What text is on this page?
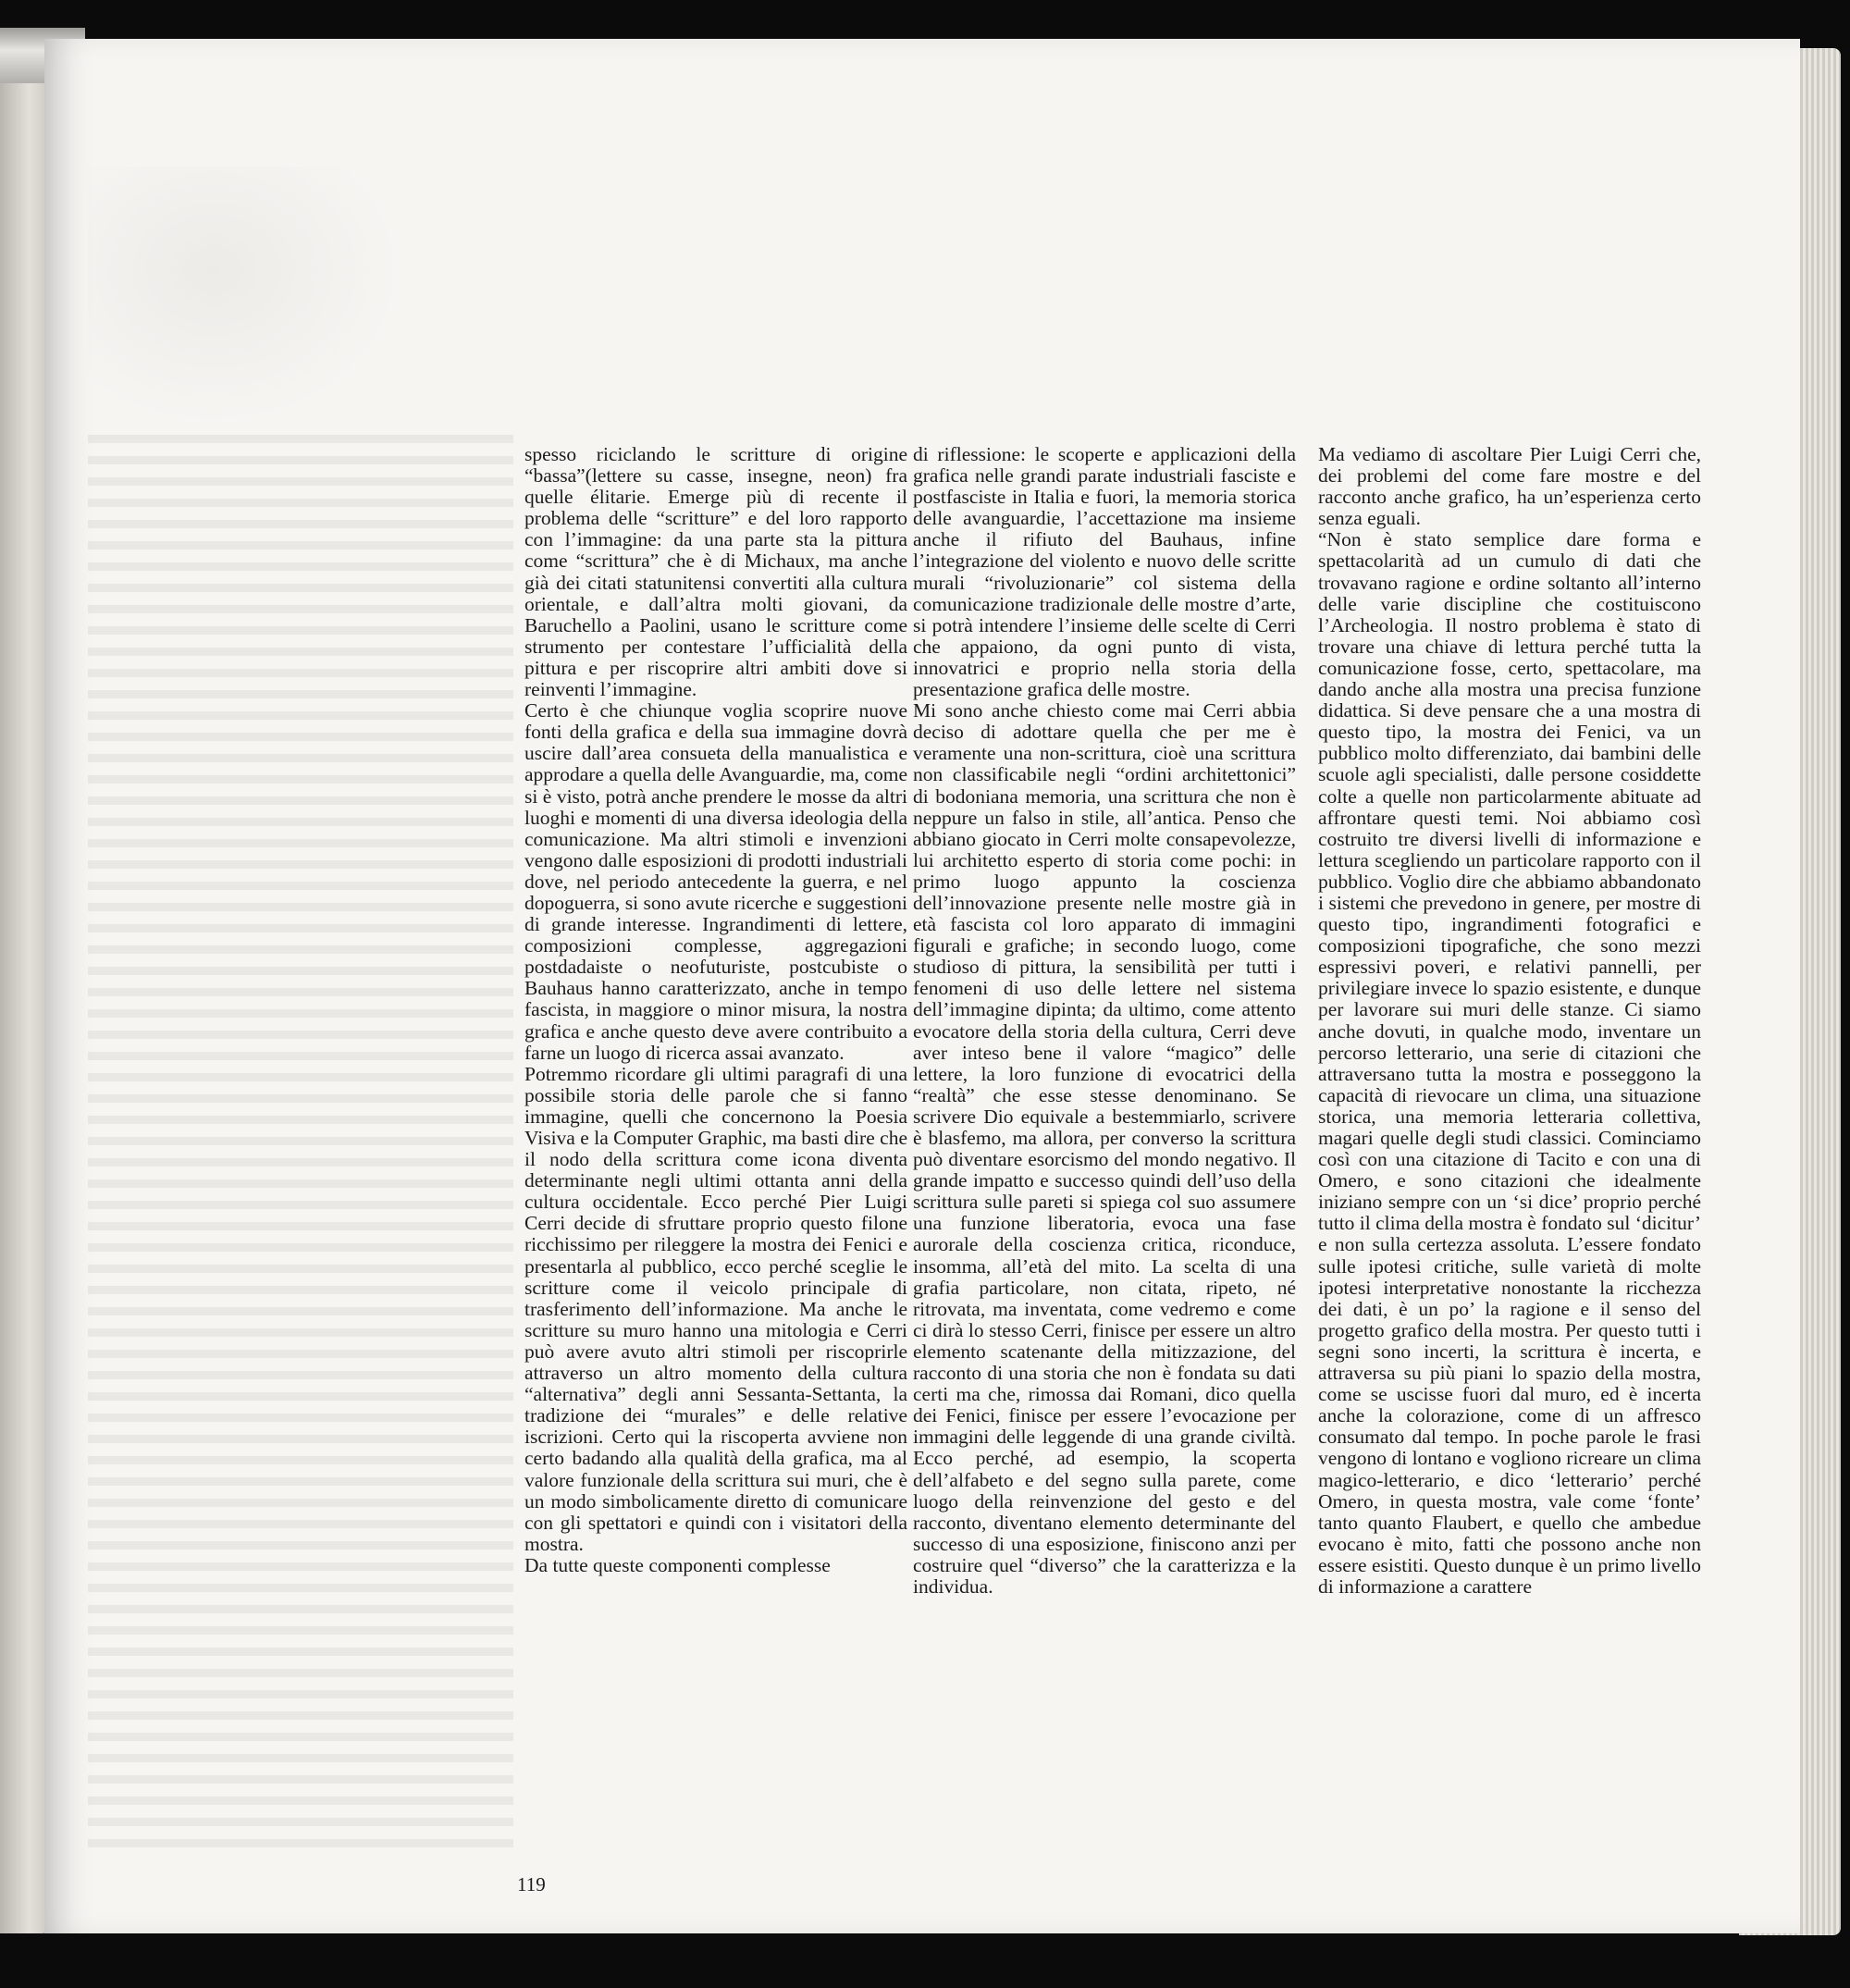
spesso riciclando le scritture di origine “bassa”(lettere su casse, insegne, neon) fra quelle élitarie. Emerge più di recente il problema delle “scritture” e del loro rapporto con l’immagine: da una parte sta la pittura come “scrittura” che è di Michaux, ma anche già dei citati statunitensi convertiti alla cultura orientale, e dall’altra molti giovani, da Baruchello a Paolini, usano le scritture come strumento per contestare l’ufficialità della pittura e per riscoprire altri ambiti dove si reinventi l’immagine.

Certo è che chiunque voglia scoprire nuove fonti della grafica e della sua immagine dovrà uscire dall’area consueta della manualistica e approdare a quella delle Avanguardie, ma, come si è visto, potrà anche prendere le mosse da altri luoghi e momenti di una diversa ideologia della comunicazione. Ma altri stimoli e invenzioni vengono dalle esposizioni di prodotti industriali dove, nel periodo antecedente la guerra, e nel dopoguerra, si sono avute ricerche e suggestioni di grande interesse. Ingrandimenti di lettere, composizioni complesse, aggregazioni postdadaiste o neofuturiste, postcubiste o Bauhaus hanno caratterizzato, anche in tempo fascista, in maggiore o minor misura, la nostra grafica e anche questo deve avere contribuito a farne un luogo di ricerca assai avanzato.

Potremmo ricordare gli ultimi paragrafi di una possibile storia delle parole che si fanno immagine, quelli che concernono la Poesia Visiva e la Computer Graphic, ma basti dire che il nodo della scrittura come icona diventa determinante negli ultimi ottanta anni della cultura occidentale. Ecco perché Pier Luigi Cerri decide di sfruttare proprio questo filone ricchissimo per rileggere la mostra dei Fenici e presentarla al pubblico, ecco perché sceglie le scritture come il veicolo principale di trasferimento dell’informazione. Ma anche le scritture su muro hanno una mitologia e Cerri può avere avuto altri stimoli per riscoprirle attraverso un altro momento della cultura “alternativa” degli anni Sessanta-Settanta, la tradizione dei “murales” e delle relative iscrizioni. Certo qui la riscoperta avviene non certo badando alla qualità della grafica, ma al valore funzionale della scrittura sui muri, che è un modo simbolicamente diretto di comunicare con gli spettatori e quindi con i visitatori della mostra.

Da tutte queste componenti complesse

di riflessione: le scoperte e applicazioni della grafica nelle grandi parate industriali fasciste e postfasciste in Italia e fuori, la memoria storica delle avanguardie, l’accettazione ma insieme anche il rifiuto del Bauhaus, infine l’integrazione del violento e nuovo delle scritte murali “rivoluzionarie” col sistema della comunicazione tradizionale delle mostre d’arte, si potrà intendere l’insieme delle scelte di Cerri che appaiono, da ogni punto di vista, innovatrici e proprio nella storia della presentazione grafica delle mostre.

Mi sono anche chiesto come mai Cerri abbia deciso di adottare quella che per me è veramente una non-scrittura, cioè una scrittura non classificabile negli “ordini architettonici” di bodoniana memoria, una scrittura che non è neppure un falso in stile, all’antica. Penso che abbiano giocato in Cerri molte consapevolezze, lui architetto esperto di storia come pochi: in primo luogo appunto la coscienza dell’innovazione presente nelle mostre già in età fascista col loro apparato di immagini figurali e grafiche; in secondo luogo, come studioso di pittura, la sensibilità per tutti i fenomeni di uso delle lettere nel sistema dell’immagine dipinta; da ultimo, come attento evocatore della storia della cultura, Cerri deve aver inteso bene il valore “magico” delle lettere, la loro funzione di evocatrici della “realtà” che esse stesse denominano. Se scrivere Dio equivale a bestemmiarlo, scrivere è blasfemo, ma allora, per converso la scrittura può diventare esorcismo del mondo negativo. Il grande impatto e successo quindi dell’uso della scrittura sulle pareti si spiega col suo assumere una funzione liberatoria, evoca una fase aurorale della coscienza critica, riconduce, insomma, all’età del mito. La scelta di una grafia particolare, non citata, ripeto, né ritrovata, ma inventata, come vedremo e come ci dirà lo stesso Cerri, finisce per essere un altro elemento scatenante della mitizzazione, del racconto di una storia che non è fondata su dati certi ma che, rimossa dai Romani, dico quella dei Fenici, finisce per essere l’evocazione per immagini delle leggende di una grande civiltà. Ecco perché, ad esempio, la scoperta dell’alfabeto e del segno sulla parete, come luogo della reinvenzione del gesto e del racconto, diventano elemento determinante del successo di una esposizione, finiscono anzi per costruire quel “diverso” che la caratterizza e la individua.

Ma vediamo di ascoltare Pier Luigi Cerri che, dei problemi del come fare mostre e del racconto anche grafico, ha un’esperienza certo senza eguali.

“Non è stato semplice dare forma e spettacolarità ad un cumulo di dati che trovavano ragione e ordine soltanto all’interno delle varie discipline che costituiscono l’Archeologia. Il nostro problema è stato di trovare una chiave di lettura perché tutta la comunicazione fosse, certo, spettacolare, ma dando anche alla mostra una precisa funzione didattica. Si deve pensare che a una mostra di questo tipo, la mostra dei Fenici, va un pubblico molto differenziato, dai bambini delle scuole agli specialisti, dalle persone cosiddette colte a quelle non particolarmente abituate ad affrontare questi temi. Noi abbiamo così costruito tre diversi livelli di informazione e lettura scegliendo un particolare rapporto con il pubblico. Voglio dire che abbiamo abbandonato i sistemi che prevedono in genere, per mostre di questo tipo, ingrandimenti fotografici e composizioni tipografiche, che sono mezzi espressivi poveri, e relativi pannelli, per privilegiare invece lo spazio esistente, e dunque per lavorare sui muri delle stanze. Ci siamo anche dovuti, in qualche modo, inventare un percorso letterario, una serie di citazioni che attraversano tutta la mostra e posseggono la capacità di rievocare un clima, una situazione storica, una memoria letteraria collettiva, magari quelle degli studi classici. Cominciamo così con una citazione di Tacito e con una di Omero, e sono citazioni che idealmente iniziano sempre con un ‘si dice’ proprio perché tutto il clima della mostra è fondato sul ‘dicitur’ e non sulla certezza assoluta. L’essere fondato sulle ipotesi critiche, sulle varietà di molte ipotesi interpretative nonostante la ricchezza dei dati, è un po’ la ragione e il senso del progetto grafico della mostra. Per questo tutti i segni sono incerti, la scrittura è incerta, e attraversa su più piani lo spazio della mostra, come se uscisse fuori dal muro, ed è incerta anche la colorazione, come di un affresco consumato dal tempo. In poche parole le frasi vengono di lontano e vogliono ricreare un clima magico-letterario, e dico ‘letterario’ perché Omero, in questa mostra, vale come ‘fonte’ tanto quanto Flaubert, e quello che ambedue evocano è mito, fatti che possono anche non essere esistiti. Questo dunque è un primo livello di informazione a carattere

119
